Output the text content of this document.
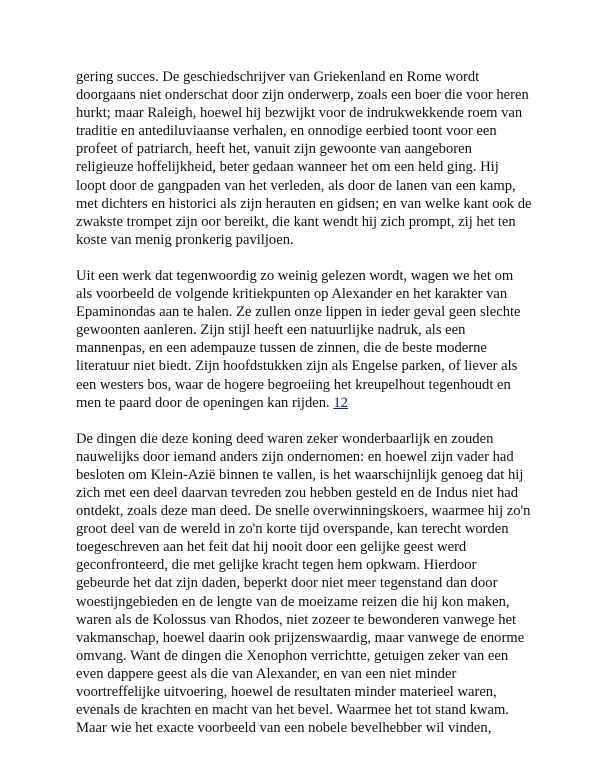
gering succes. De geschiedschrijver van Griekenland en Rome wordt doorgaans niet onderschat door zijn onderwerp, zoals een boer die voor heren hurkt; maar Raleigh, hoewel hij bezwijkt voor de indrukwekkende roem van traditie en antediluviaanse verhalen, en onnodige eerbied toont voor een profeet of patriarch, heeft het, vanuit zijn gewoonte van aangeboren religieuze hoffelijkheid, beter gedaan wanneer het om een held ging. Hij loopt door de gangpaden van het verleden, als door de lanen van een kamp, met dichters en historici als zijn herauten en gidsen; en van welke kant ook de zwakste trompet zijn oor bereikt, die kant wendt hij zich prompt, zij het ten koste van menig pronkerig paviljoen.

Uit een werk dat tegenwoordig zo weinig gelezen wordt, wagen we het om als voorbeeld de volgende kritiekpunten op Alexander en het karakter van Epaminondas aan te halen. Ze zullen onze lippen in ieder geval geen slechte gewoonten aanleren. Zijn stijl heeft een natuurlijke nadruk, als een mannenpas, en een adempauze tussen de zinnen, die de beste moderne literatuur niet biedt. Zijn hoofdstukken zijn als Engelse parken, of liever als een westers bos, waar de hogere begroeiing het kreupelhout tegenhoudt en men te paard door de openingen kan rijden. 12

De dingen die deze koning deed waren zeker wonderbaarlijk en zouden nauwelijks door iemand anders zijn ondernomen: en hoewel zijn vader had besloten om Klein-Azië binnen te vallen, is het waarschijnlijk genoeg dat hij zich met een deel daarvan tevreden zou hebben gesteld en de Indus niet had ontdekt, zoals deze man deed. De snelle overwinningskoers, waarmee hij zo'n groot deel van de wereld in zo'n korte tijd overspande, kan terecht worden toegeschreven aan het feit dat hij nooit door een gelijke geest werd geconfronteerd, die met gelijke kracht tegen hem opkwam. Hierdoor gebeurde het dat zijn daden, beperkt door niet meer tegenstand dan door woestijngebieden en de lengte van de moeizame reizen die hij kon maken, waren als de Kolossus van Rhodos, niet zozeer te bewonderen vanwege het vakmanschap, hoewel daarin ook prijzenswaardig, maar vanwege de enorme omvang. Want de dingen die Xenophon verrichtte, getuigen zeker van een even dappere geest als die van Alexander, en van een niet minder voortreffelijke uitvoering, hoewel de resultaten minder materieel waren, evenals de krachten en macht van het bevel. Waarmee het tot stand kwam. Maar wie het exacte voorbeeld van een nobele bevelhebber wil vinden,
